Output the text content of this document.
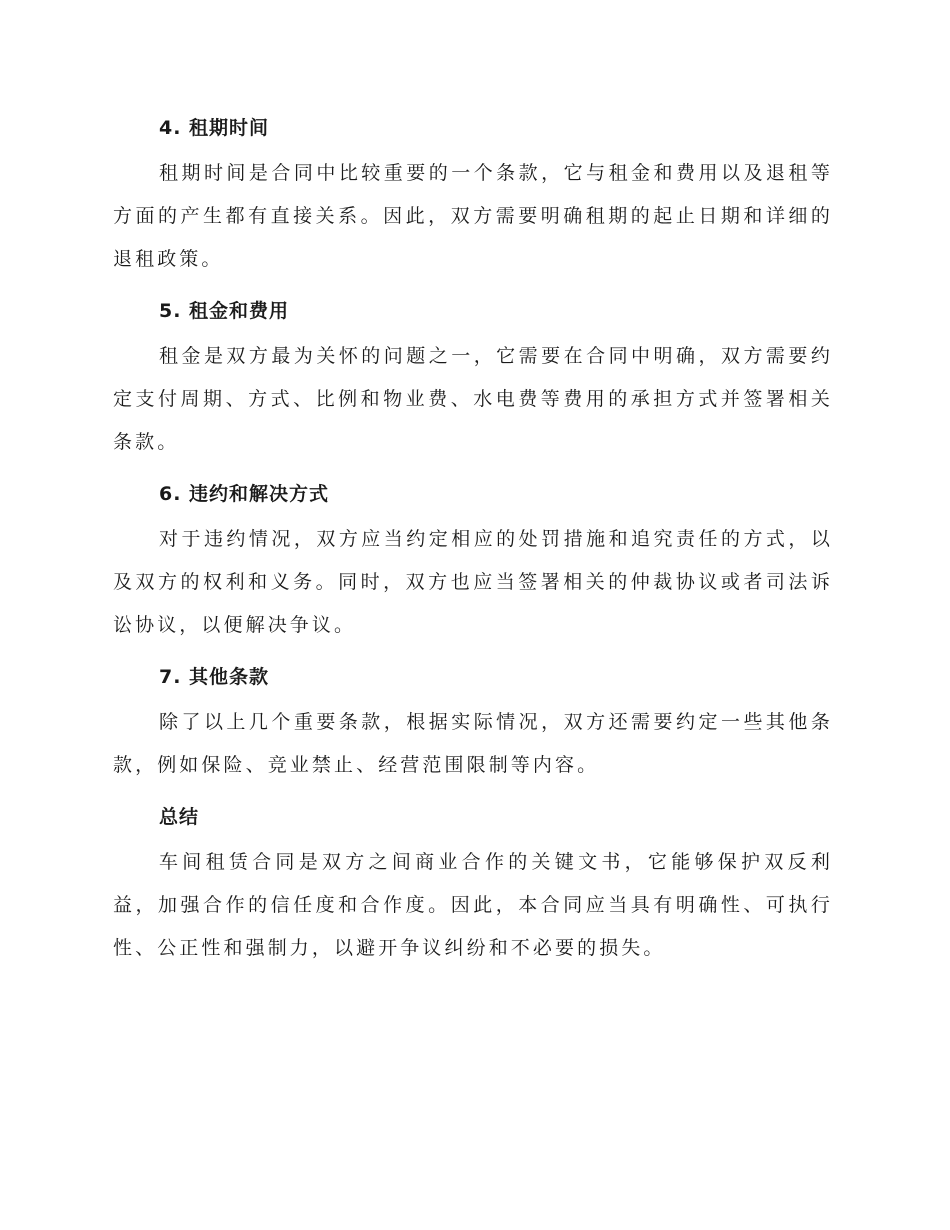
4. 租期时间

租期时间是合同中比较重要的一个条款，它与租金和费用以及退租等方面的产生都有直接关系。因此，双方需要明确租期的起止日期和详细的退租政策。

5. 租金和费用

租金是双方最为关怀的问题之一，它需要在合同中明确，双方需要约定支付周期、方式、比例和物业费、水电费等费用的承担方式并签署相关条款。

6. 违约和解决方式

对于违约情况，双方应当约定相应的处罚措施和追究责任的方式，以及双方的权利和义务。同时，双方也应当签署相关的仲裁协议或者司法诉讼协议，以便解决争议。

7. 其他条款

除了以上几个重要条款，根据实际情况，双方还需要约定一些其他条款，例如保险、竞业禁止、经营范围限制等内容。

总结

车间租赁合同是双方之间商业合作的关键文书，它能够保护双反利益，加强合作的信任度和合作度。因此，本合同应当具有明确性、可执行性、公正性和强制力，以避开争议纠纷和不必要的损失。
